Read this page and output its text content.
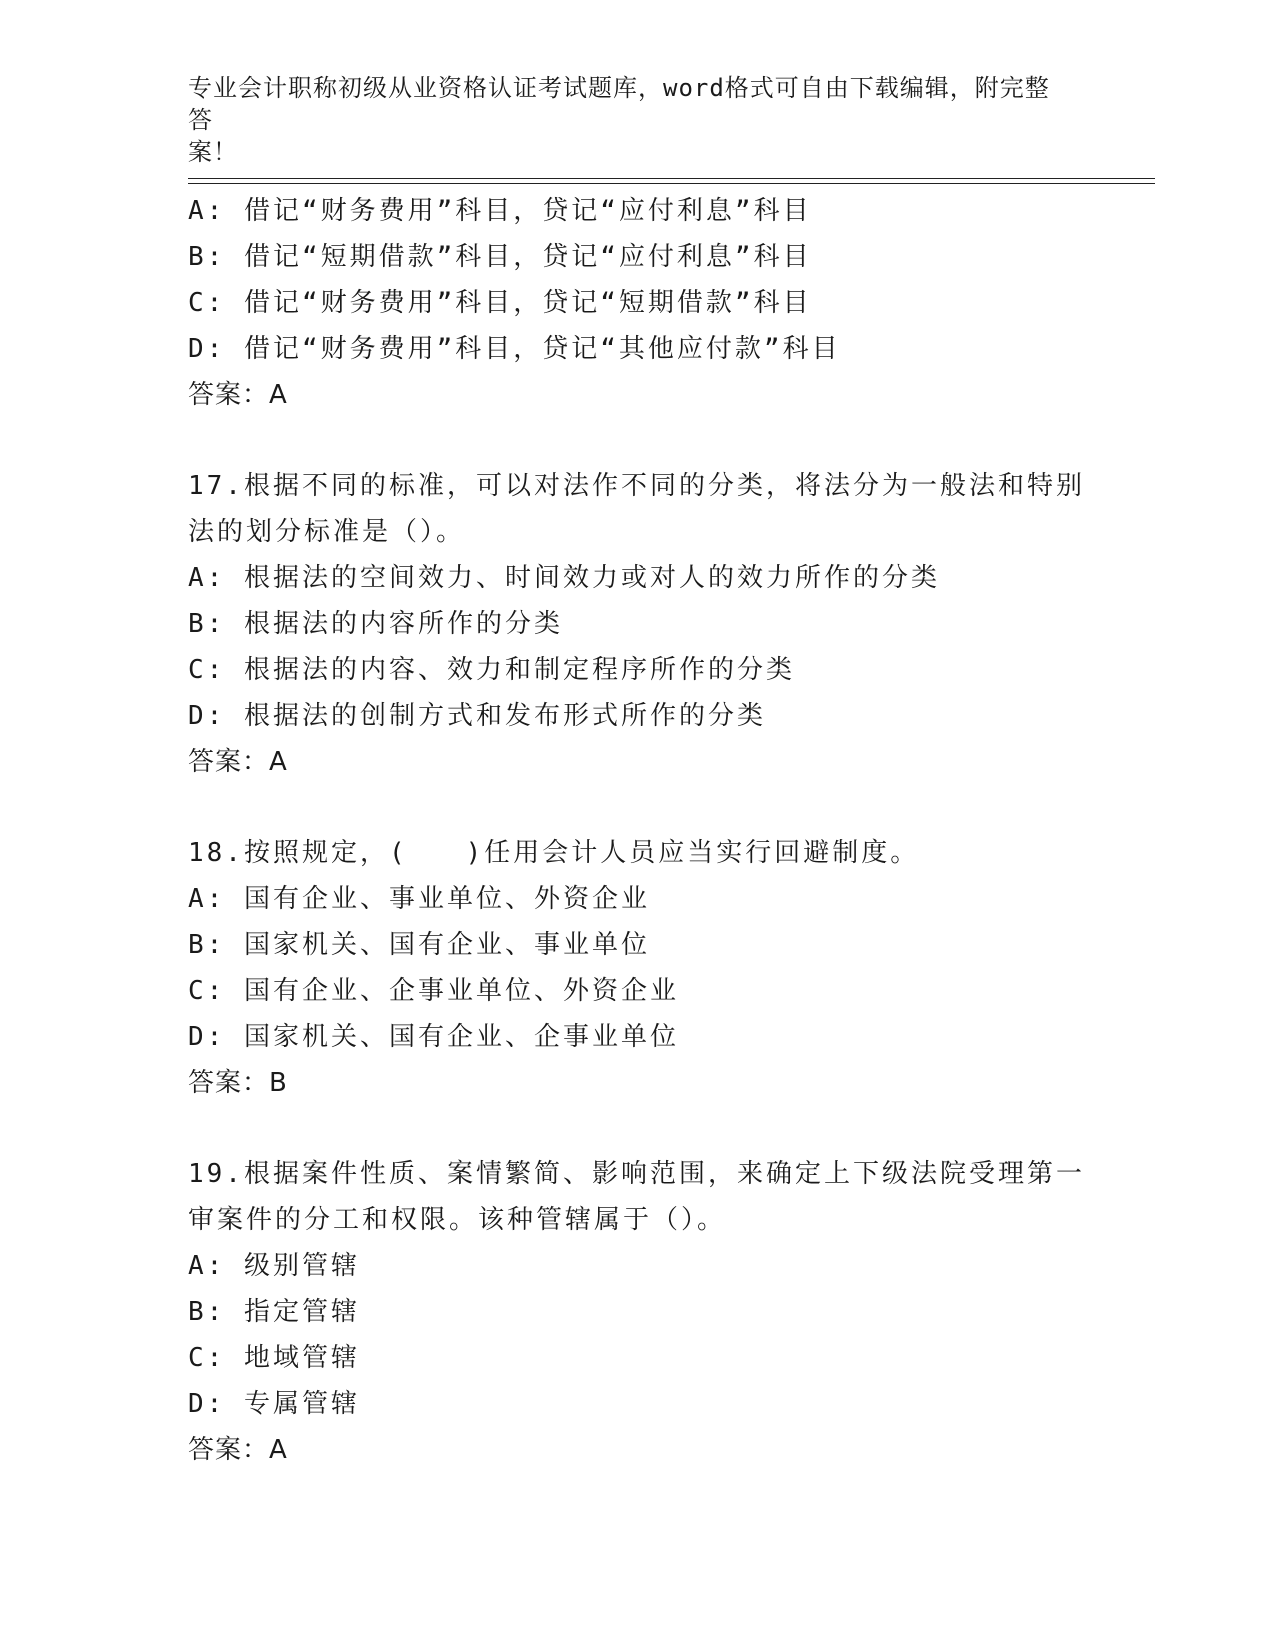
专业会计职称初级从业资格认证考试题库，word格式可自由下载编辑，附完整答
案！
A: 借记“财务费用”科目，贷记“应付利息”科目
B: 借记“短期借款”科目，贷记“应付利息”科目
C: 借记“财务费用”科目，贷记“短期借款”科目
D: 借记“财务费用”科目，贷记“其他应付款”科目
答案：A
17.根据不同的标准，可以对法作不同的分类，将法分为一般法和特别
法的划分标准是（）。
A: 根据法的空间效力、时间效力或对人的效力所作的分类
B: 根据法的内容所作的分类
C: 根据法的内容、效力和制定程序所作的分类
D: 根据法的创制方式和发布形式所作的分类
答案：A
18.按照规定，(　　)任用会计人员应当实行回避制度。
A: 国有企业、事业单位、外资企业
B: 国家机关、国有企业、事业单位
C: 国有企业、企事业单位、外资企业
D: 国家机关、国有企业、企事业单位
答案：B
19.根据案件性质、案情繁简、影响范围，来确定上下级法院受理第一
审案件的分工和权限。该种管辖属于（）。
A: 级别管辖
B: 指定管辖
C: 地域管辖
D: 专属管辖
答案：A
